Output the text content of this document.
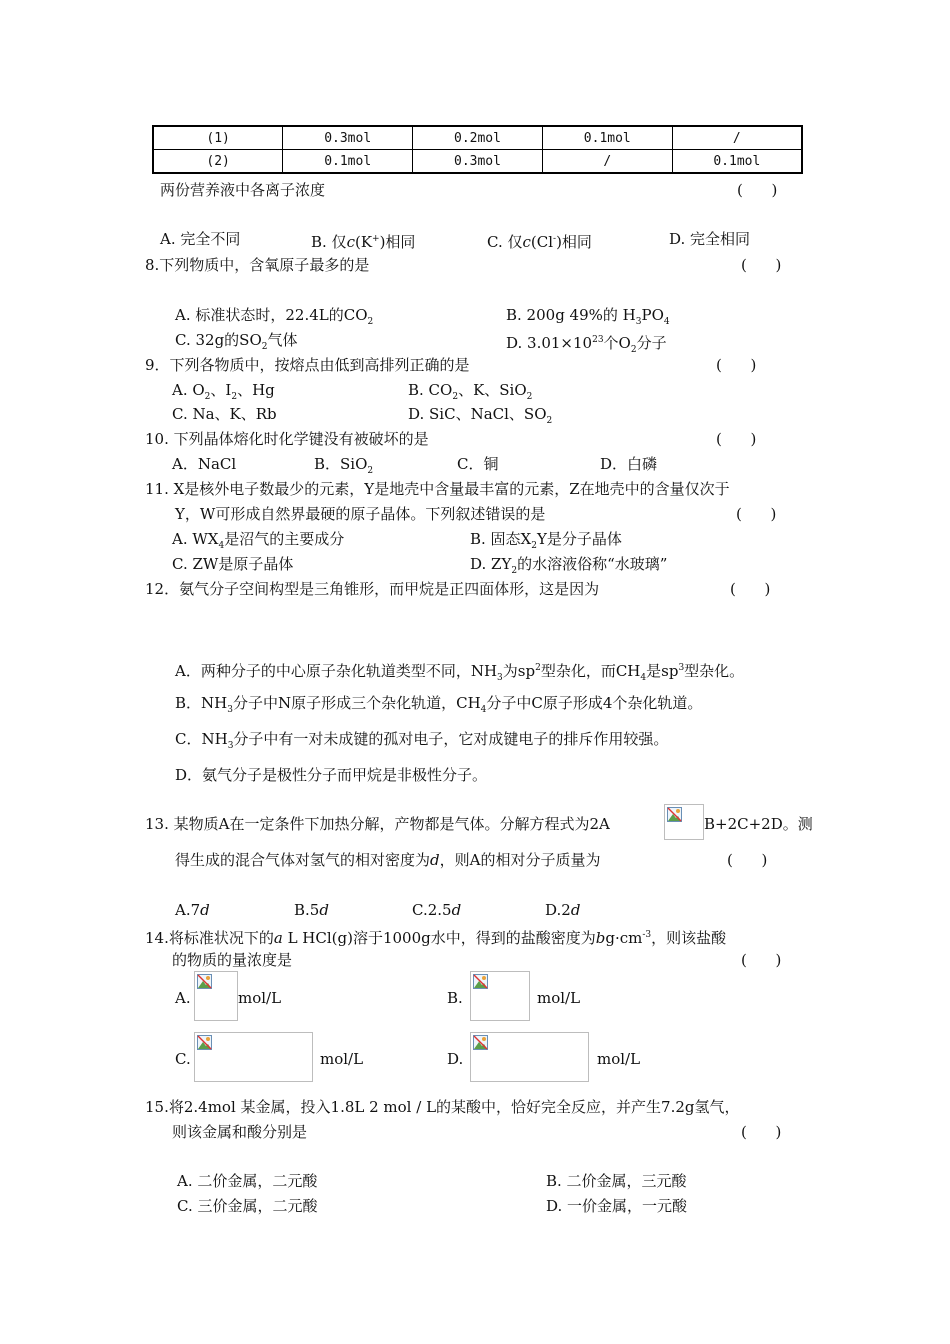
(1)	0.3mol	0.2mol	0.1mol	/
(2)	0.1mol	0.3mol	/	0.1mol
两份营养液中各离子浓度	(      )
A. 完全不同	B. 仅c(K+)相同	C. 仅c(Cl-)相同	D. 完全相同
8.下列物质中，含氧原子最多的是	(      )
A. 标准状态时，22.4L的$CO_2$	B. 200g 49%的 $H_3PO_4$
C. 32g的$SO_2$气体	D. $3.01\times 10^{23}$个$O_2$分子
9．下列各物质中，按熔点由低到高排列正确的是	(      )
A. $O_2$、$I_2$、Hg	B. $CO_2$、K、SiO$_2$
C. Na、K、Rb	D. SiC、NaCl、$SO_2$
10. 下列晶体熔化时化学键没有被破坏的是	(      )
A．NaCl	B．SiO$_2$	C．铜	D．白磷
11. X是核外电子数最少的元素，Y是地壳中含量最丰富的元素，Z在地壳中的含量仅次于
Y，W可形成自然界最硬的原子晶体。下列叙述错误的是	(      )
A. $WX_4$是沼气的主要成分	B. 固态$X_2Y$是分子晶体
C. ZW是原子晶体	D. $ZY_2$的水溶液俗称“水玻璃”
12．氨气分子空间构型是三角锥形，而甲烷是正四面体形，这是因为	(      )
A．两种分子的中心原子杂化轨道类型不同，$NH_3$为$sp^2$型杂化，而$CH_4$是$sp^3$型杂化。
B．$NH_3$分子中N原子形成三个杂化轨道，$CH_4$分子中C原子形成4个杂化轨道。
C．$NH_3$分子中有一对未成键的孤对电子，它对成键电子的排斥作用较强。
D．氨气分子是极性分子而甲烷是非极性分子。
13. 某物质A在一定条件下加热分解，产物都是气体。分解方程式为2A	B+2C+2D。测
得生成的混合气体对氢气的相对密度为d，则A的相对分子质量为	(      )
A.7d	B.5d	C.2.5d	D.2d
14.将标准状况下的a L HCl(g)溶于1000g水中，得到的盐酸密度为$bg\cdot cm^{-3}$，则该盐酸
的物质的量浓度是	(      )
A.	mol/L	B.	mol/L
C.	mol/L	D.	mol/L
15.将2.4mol 某金属，投入1.8L 2 mol / L的某酸中，恰好完全反应，并产生7.2g氢气，
则该金属和酸分别是	(      )
A. 二价金属，二元酸	B. 二价金属，三元酸
C. 三价金属，二元酸	D. 一价金属，一元酸
